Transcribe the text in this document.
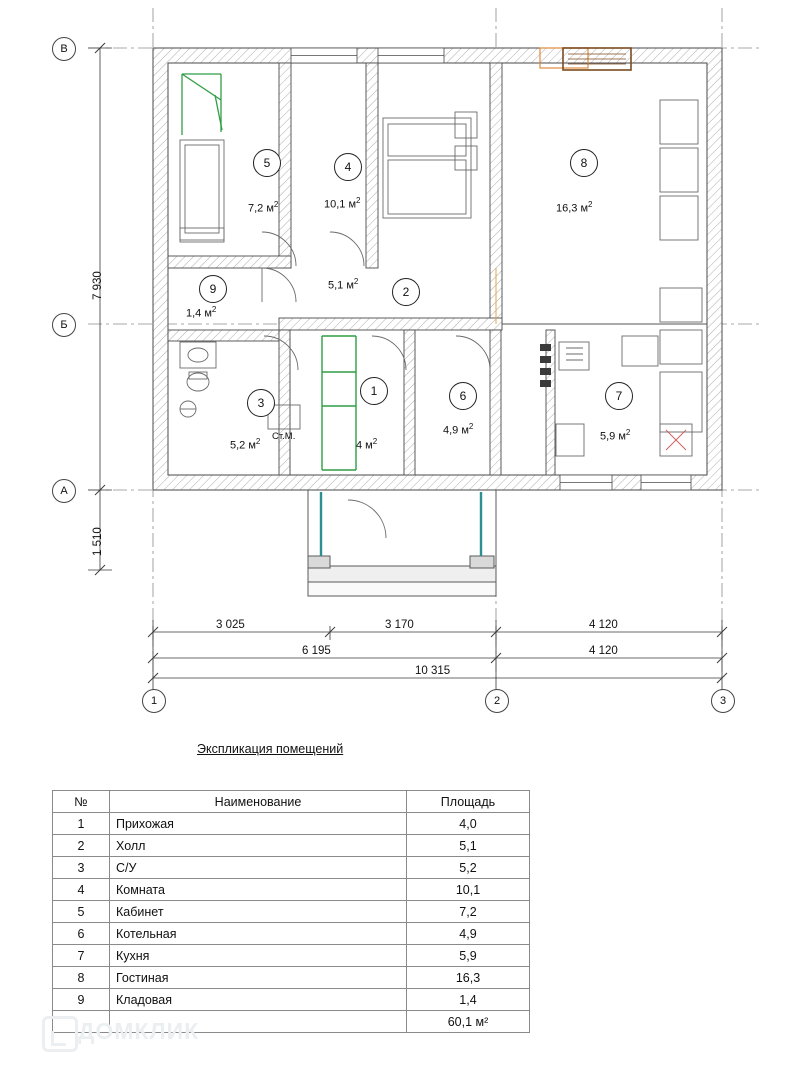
В
Б
А
1	2	3
7 930
1 510
3 025	3 170	4 120
6 195	4 120
10 315
5	4	8
9	2
3
1	6	7
7,2 $м^2$	10,1 $м^2$
16,3 $м^2$
1,4 $м^2$
5,1 $м^2$
5,2 $м^2$	4 $м^2$
4,9 $м^2$
5,9 $м^2$
Ст.М.
Экспликация помещений
№	Наименование	Площадь
1	Прихожая	4,0
2	Холл	5,1
3	С/У	5,2
4	Комната	10,1
5	Кабинет	7,2
6	Котельная	4,9
7	Кухня	5,9
8	Гостиная	16,3
9	Кладовая	1,4
		60,1 м²
ДОМКЛИК
